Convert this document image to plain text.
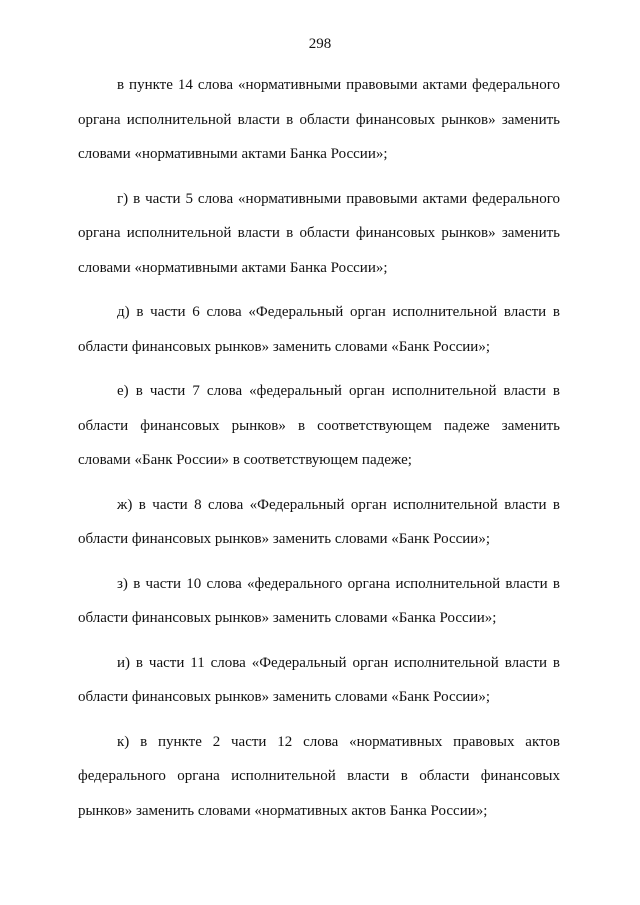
298

в пункте 14 слова «нормативными правовыми актами федерального органа исполнительной власти в области финансовых рынков» заменить словами «нормативными актами Банка России»;

г) в части 5 слова «нормативными правовыми актами федерального органа исполнительной власти в области финансовых рынков» заменить словами «нормативными актами Банка России»;

д) в части 6 слова «Федеральный орган исполнительной власти в области финансовых рынков» заменить словами «Банк России»;

е) в части 7 слова «федеральный орган исполнительной власти в области финансовых рынков» в соответствующем падеже заменить словами «Банк России» в соответствующем падеже;

ж) в части 8 слова «Федеральный орган исполнительной власти в области финансовых рынков» заменить словами «Банк России»;

з) в части 10 слова «федерального органа исполнительной власти в области финансовых рынков» заменить словами «Банка России»;

и) в части 11 слова «Федеральный орган исполнительной власти в области финансовых рынков» заменить словами «Банк России»;

к) в пункте 2 части 12 слова «нормативных правовых актов федерального органа исполнительной власти в области финансовых рынков» заменить словами «нормативных актов Банка России»;
